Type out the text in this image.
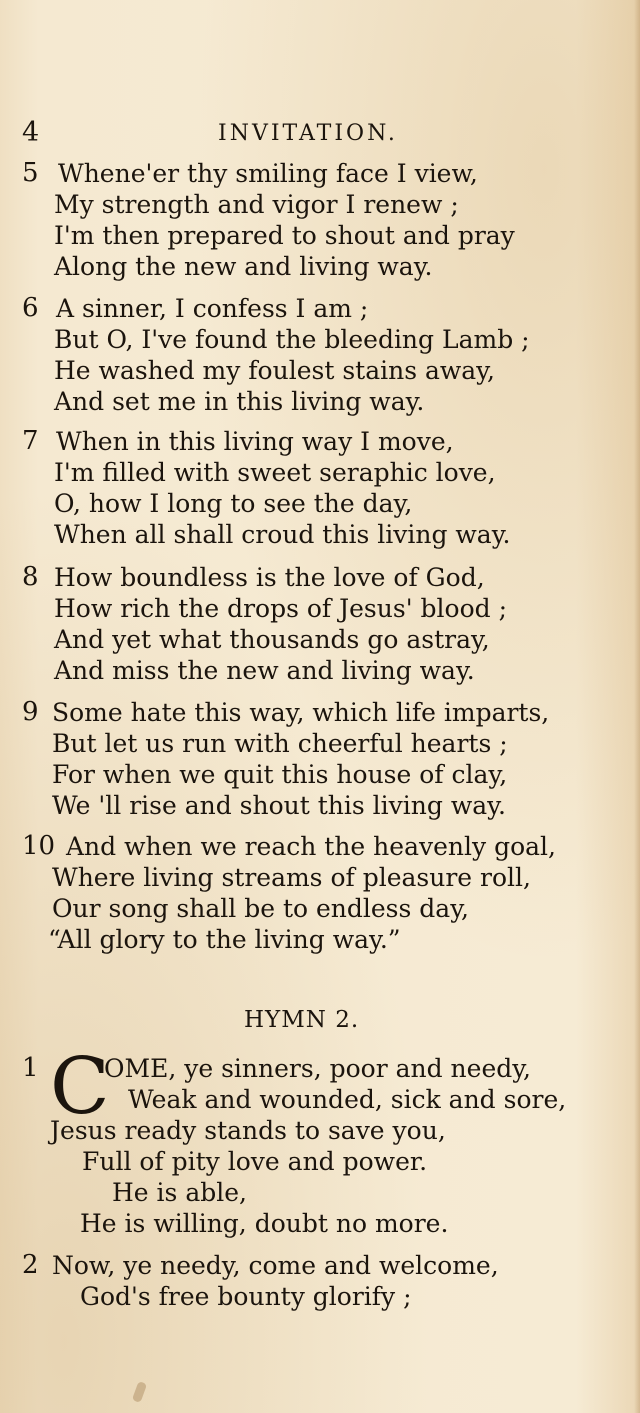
4	INVITATION.
5 Whene'er thy smiling face I view,
My strength and vigor I renew ;
I'm then prepared to shout and pray
Along the new and living way.
6 A sinner, I confess I am ;
But O, I've found the bleeding Lamb ;
He washed my foulest stains away,
And set me in this living way.
7 When in this living way I move,
I'm filled with sweet seraphic love,
O, how I long to see the day,
When all shall croud this living way.
8 How boundless is the love of God,
How rich the drops of Jesus' blood ;
And yet what thousands go astray,
And miss the new and living way.
9 Some hate this way, which life imparts,
But let us run with cheerful hearts ;
For when we quit this house of clay,
We 'll rise and shout this living way.
10 And when we reach the heavenly goal,
Where living streams of pleasure roll,
Our song shall be to endless day,
“All glory to the living way.”
HYMN 2.
C
1	OME, ye sinners, poor and needy,
Weak and wounded, sick and sore,
Jesus ready stands to save you,
Full of pity love and power.
He is able,
He is willing, doubt no more.
2 Now, ye needy, come and welcome,
God's free bounty glorify ;
